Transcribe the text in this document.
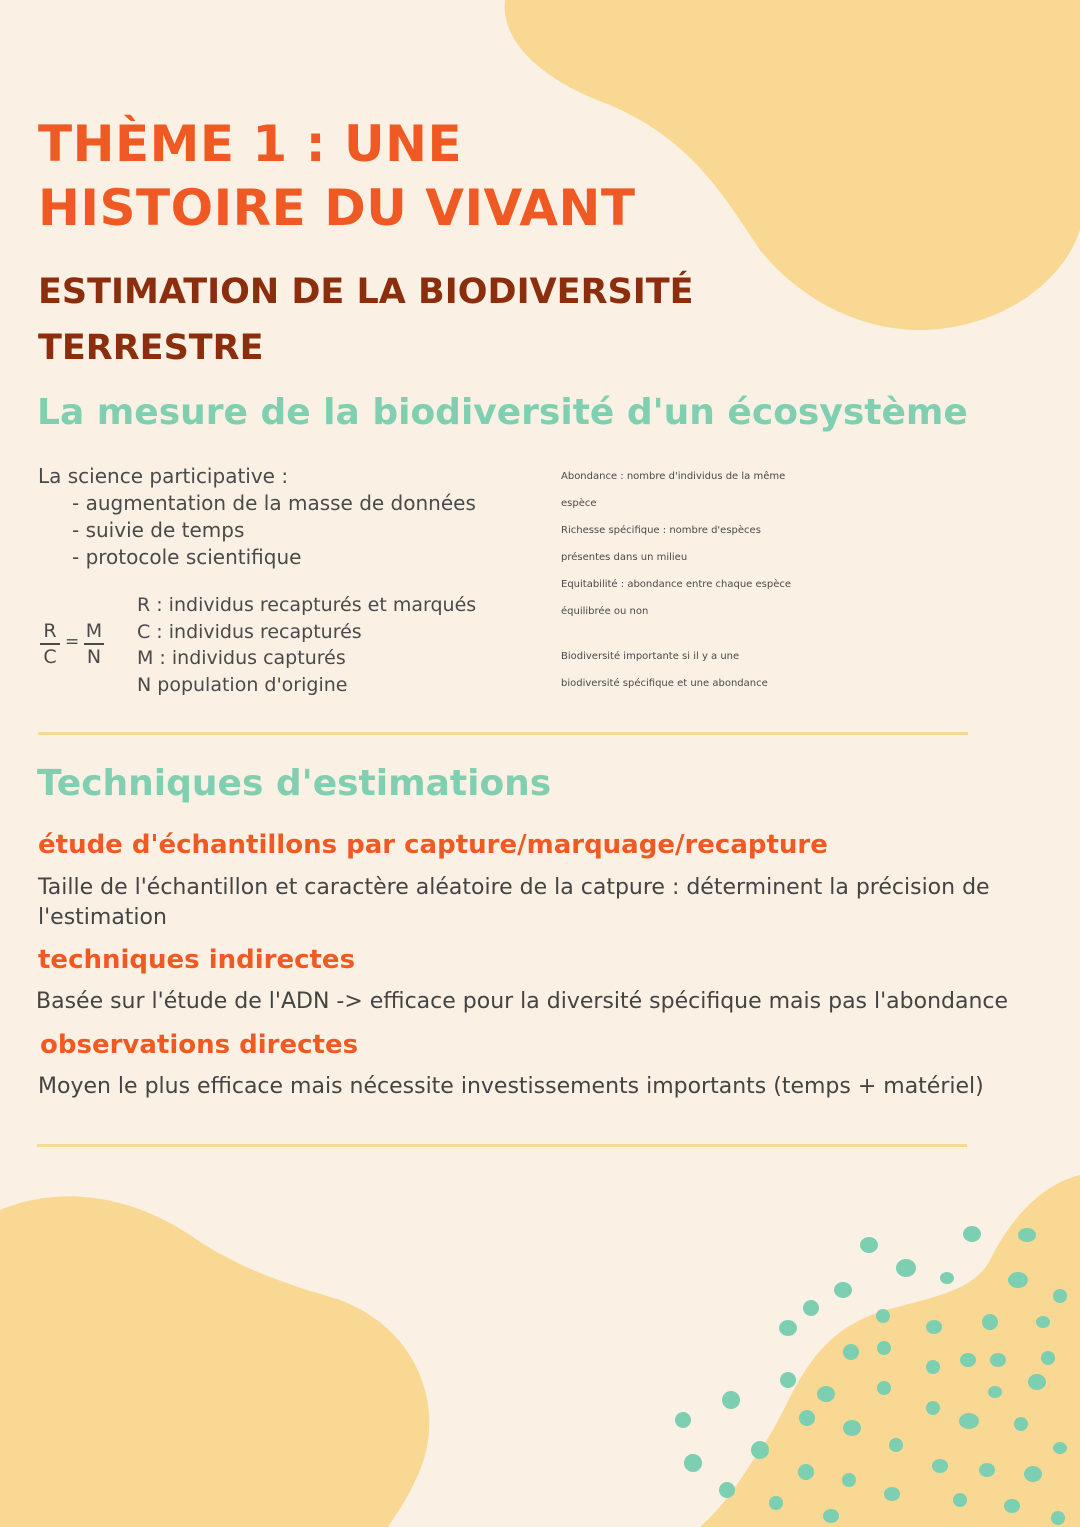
THÈME 1 : UNE
HISTOIRE DU VIVANT
ESTIMATION DE LA BIODIVERSITÉ
TERRESTRE
La mesure de la biodiversité d'un écosystème
La science participative :
- augmentation de la masse de données
- suivie de temps
- protocole scientifique
R
C
= M
N
R : individus recapturés et marqués
C : individus recapturés
M : individus capturés
N population d'origine
Abondance : nombre d'individus de la même
espèce
Richesse spécifique : nombre d'espèces
présentes dans un milieu
Equitabilité : abondance entre chaque espèce
équilibrée ou non
Biodiversité importante si il y a une
biodiversité spécifique et une abondance
Techniques d'estimations
étude d'échantillons par capture/marquage/recapture

Taille de l'échantillon et caractère aléatoire de la catpure : déterminent la précision de l'estimation

techniques indirectes

Basée sur l'étude de l'ADN -> efficace pour la diversité spécifique mais pas l'abondance

observations directes

Moyen le plus efficace mais nécessite investissements importants (temps + matériel)
